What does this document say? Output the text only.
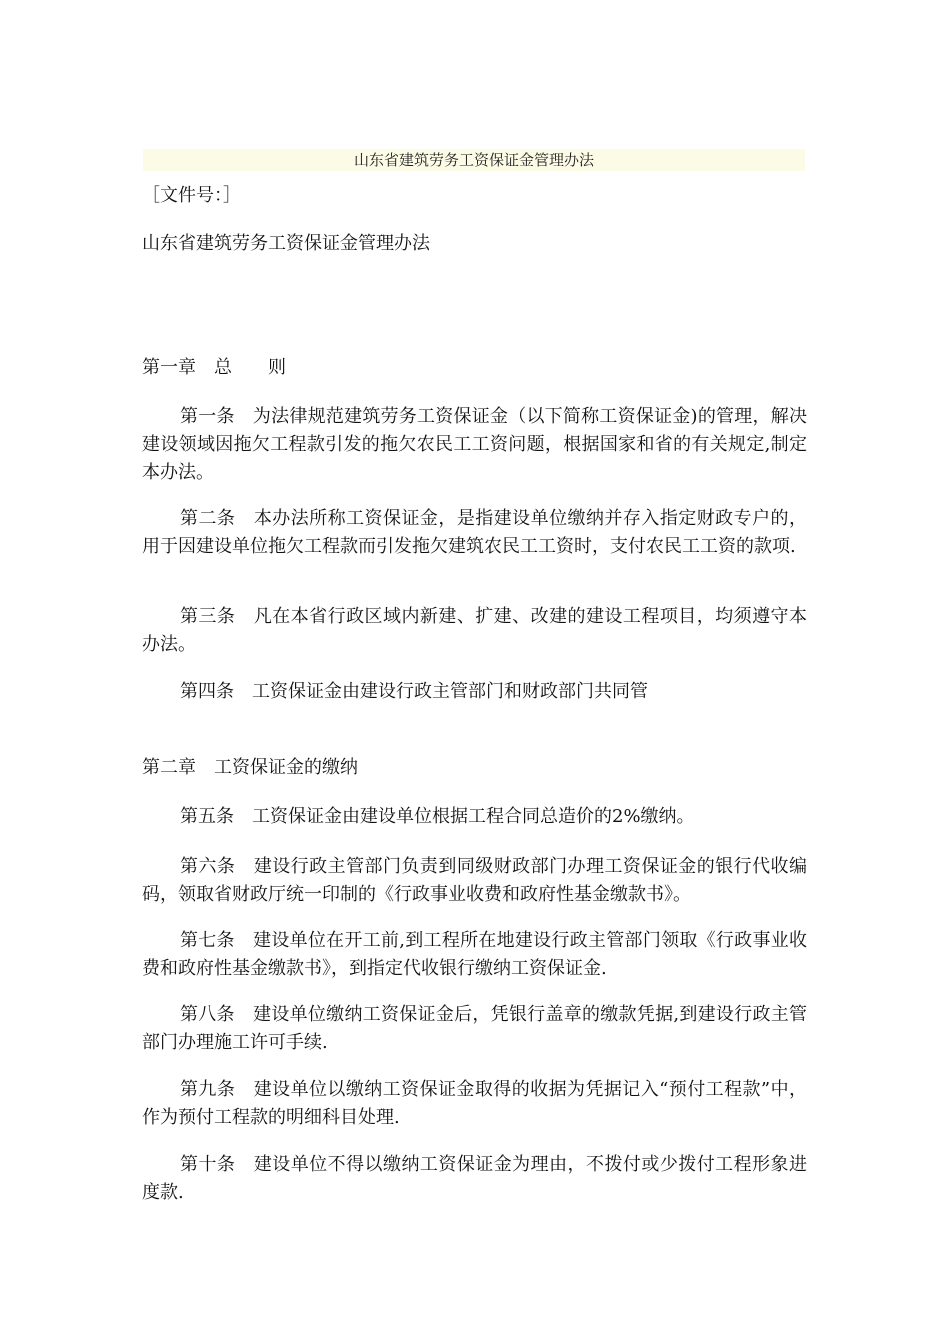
山东省建筑劳务工资保证金管理办法
［文件号：］
山东省建筑劳务工资保证金管理办法
第一章　总　　则
第一条　为法律规范建筑劳务工资保证金（以下简称工资保证金)的管理，解决建设领域因拖欠工程款引发的拖欠农民工工资问题，根据国家和省的有关规定,制定本办法。
第二条　本办法所称工资保证金，是指建设单位缴纳并存入指定财政专户的，用于因建设单位拖欠工程款而引发拖欠建筑农民工工资时，支付农民工工资的款项.
第三条　凡在本省行政区域内新建、扩建、改建的建设工程项目，均须遵守本办法。
第四条　工资保证金由建设行政主管部门和财政部门共同管
第二章　工资保证金的缴纳
第五条　工资保证金由建设单位根据工程合同总造价的2%缴纳。
第六条　建设行政主管部门负责到同级财政部门办理工资保证金的银行代收编码，领取省财政厅统一印制的《行政事业收费和政府性基金缴款书》。
第七条　建设单位在开工前,到工程所在地建设行政主管部门领取《行政事业收费和政府性基金缴款书》，到指定代收银行缴纳工资保证金.
第八条　建设单位缴纳工资保证金后，凭银行盖章的缴款凭据,到建设行政主管部门办理施工许可手续.
第九条　建设单位以缴纳工资保证金取得的收据为凭据记入“预付工程款”中，作为预付工程款的明细科目处理.
第十条　建设单位不得以缴纳工资保证金为理由，不拨付或少拨付工程形象进度款.
